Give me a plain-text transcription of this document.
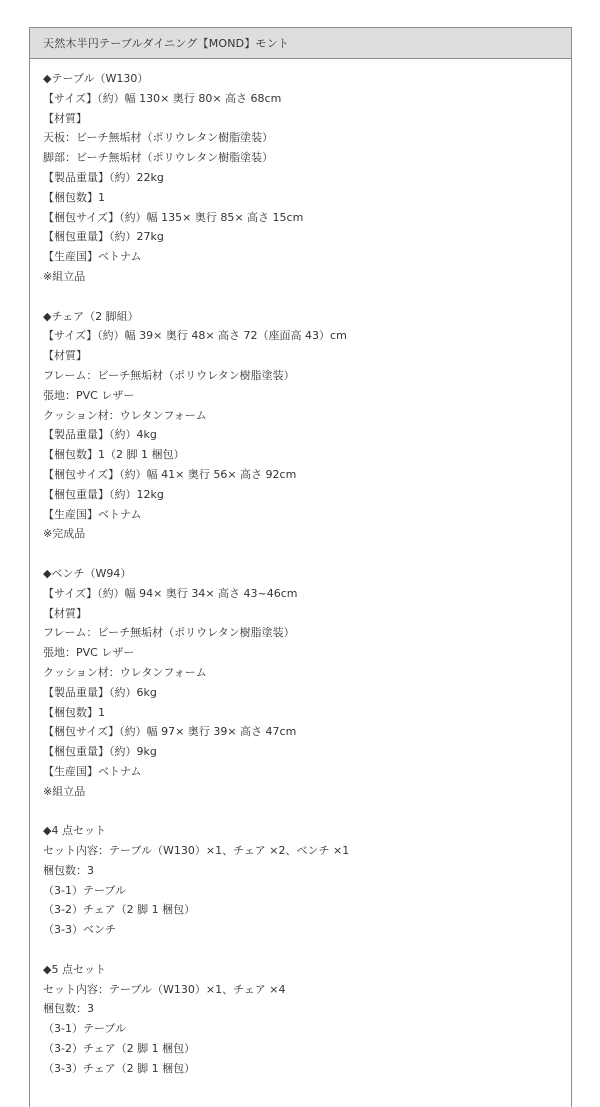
天然木半円テーブルダイニング【MOND】モント
◆テーブル（W130）
【サイズ】（約）幅 130× 奥行 80× 高さ 68cm
【材質】
天板：ビーチ無垢材（ポリウレタン樹脂塗装）
脚部：ビーチ無垢材（ポリウレタン樹脂塗装）
【製品重量】（約）22kg
【梱包数】1
【梱包サイズ】（約）幅 135× 奥行 85× 高さ 15cm
【梱包重量】（約）27kg
【生産国】ベトナム
※組立品
◆チェア（2 脚組）
【サイズ】（約）幅 39× 奥行 48× 高さ 72（座面高 43）cm
【材質】
フレーム：ビーチ無垢材（ポリウレタン樹脂塗装）
張地：PVC レザー
クッション材：ウレタンフォーム
【製品重量】（約）4kg
【梱包数】1（2 脚 1 梱包）
【梱包サイズ】（約）幅 41× 奥行 56× 高さ 92cm
【梱包重量】（約）12kg
【生産国】ベトナム
※完成品
◆ベンチ（W94）
【サイズ】（約）幅 94× 奥行 34× 高さ 43~46cm
【材質】
フレーム：ビーチ無垢材（ポリウレタン樹脂塗装）
張地：PVC レザー
クッション材：ウレタンフォーム
【製品重量】（約）6kg
【梱包数】1
【梱包サイズ】（約）幅 97× 奥行 39× 高さ 47cm
【梱包重量】（約）9kg
【生産国】ベトナム
※組立品
◆4 点セット
セット内容：テーブル（W130）×1、チェア ×2、ベンチ ×1
梱包数：3
（3-1）テーブル
（3-2）チェア（2 脚 1 梱包）
（3-3）ベンチ
◆5 点セット
セット内容：テーブル（W130）×1、チェア ×4
梱包数：3
（3-1）テーブル
（3-2）チェア（2 脚 1 梱包）
（3-3）チェア（2 脚 1 梱包）
